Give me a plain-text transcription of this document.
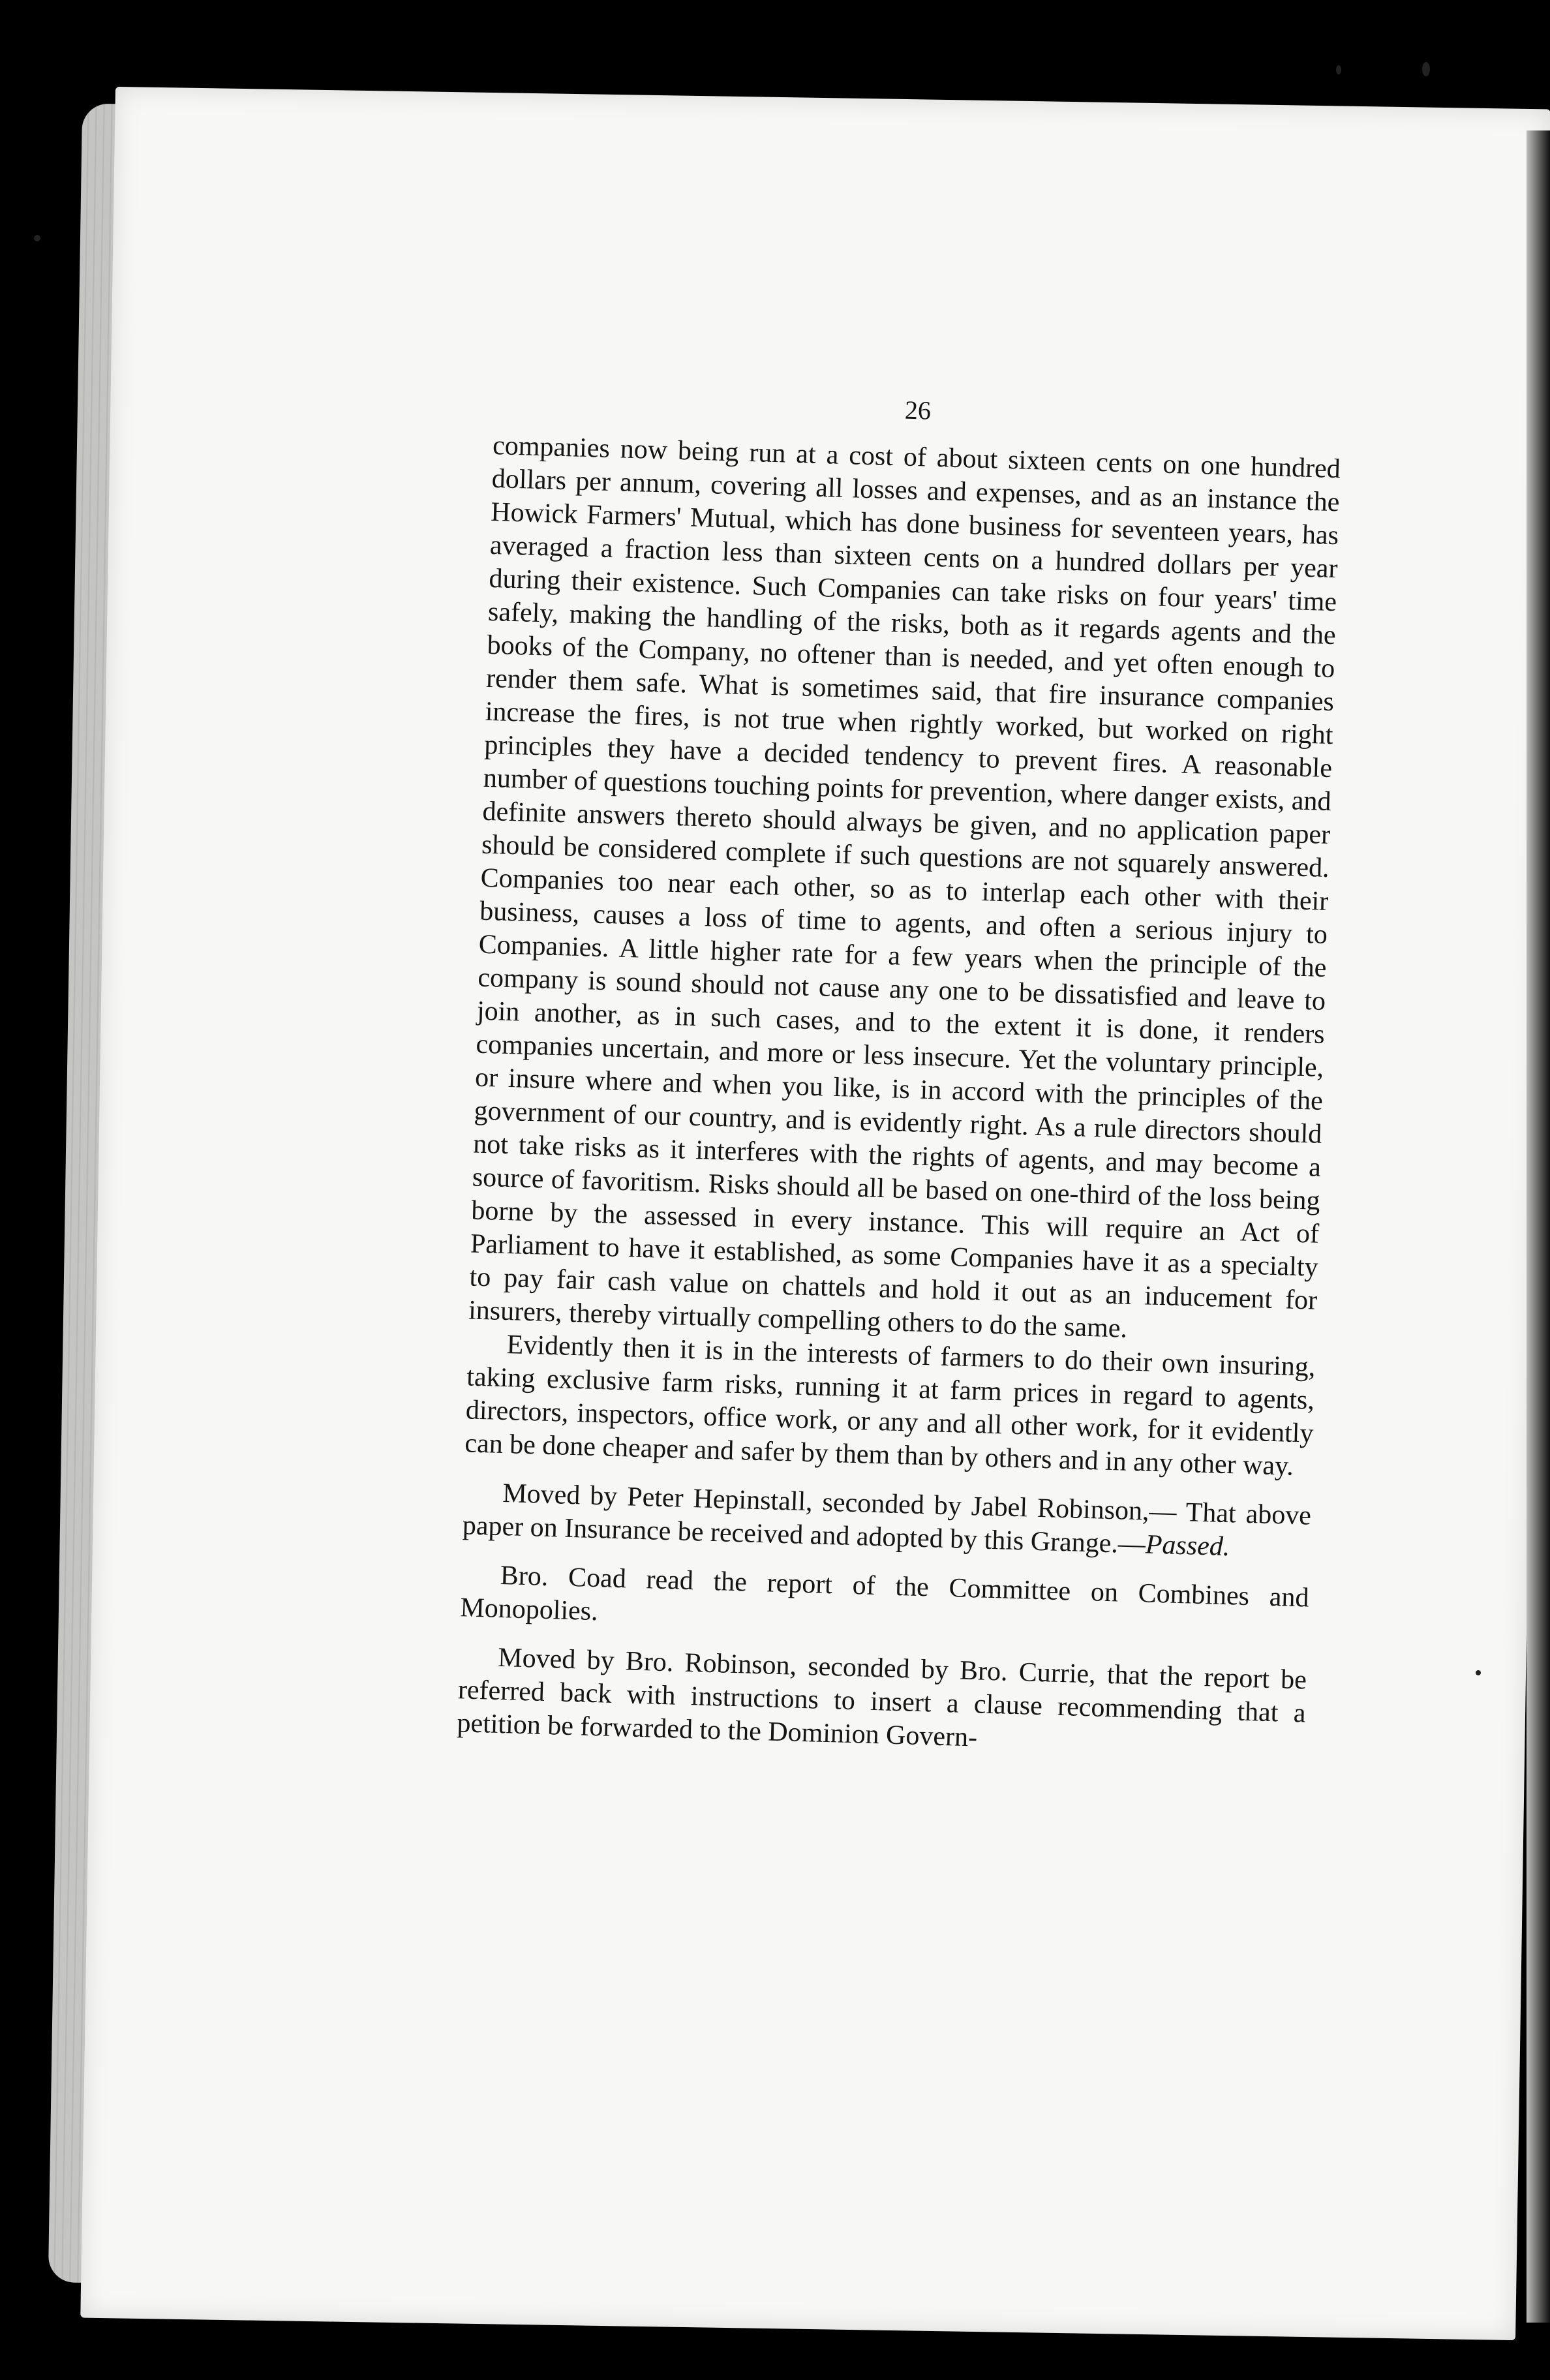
26

companies now being run at a cost of about sixteen cents on one hundred dollars per annum, covering all losses and expenses, and as an instance the Howick Farmers' Mutual, which has done business for seventeen years, has averaged a fraction less than sixteen cents on a hundred dollars per year during their existence. Such Companies can take risks on four years' time safely, making the handling of the risks, both as it regards agents and the books of the Company, no oftener than is needed, and yet often enough to render them safe. What is sometimes said, that fire insurance companies increase the fires, is not true when rightly worked, but worked on right principles they have a decided tendency to prevent fires. A reasonable number of questions touching points for prevention, where danger exists, and definite answers thereto should always be given, and no application paper should be considered complete if such questions are not squarely answered. Companies too near each other, so as to interlap each other with their business, causes a loss of time to agents, and often a serious injury to Companies. A little higher rate for a few years when the principle of the company is sound should not cause any one to be dissatisfied and leave to join another, as in such cases, and to the extent it is done, it renders companies uncertain, and more or less insecure. Yet the voluntary principle, or insure where and when you like, is in accord with the principles of the government of our country, and is evidently right. As a rule directors should not take risks as it interferes with the rights of agents, and may become a source of favoritism. Risks should all be based on one-third of the loss being borne by the assessed in every instance. This will require an Act of Parliament to have it established, as some Companies have it as a specialty to pay fair cash value on chattels and hold it out as an inducement for insurers, thereby virtually compelling others to do the same.

Evidently then it is in the interests of farmers to do their own insuring, taking exclusive farm risks, running it at farm prices in regard to agents, directors, inspectors, office work, or any and all other work, for it evidently can be done cheaper and safer by them than by others and in any other way.

Moved by Peter Hepinstall, seconded by Jabel Robinson,— That above paper on Insurance be received and adopted by this Grange.—Passed.

Bro. Coad read the report of the Committee on Combines and Monopolies.

Moved by Bro. Robinson, seconded by Bro. Currie, that the report be referred back with instructions to insert a clause recommending that a petition be forwarded to the Dominion Govern-
